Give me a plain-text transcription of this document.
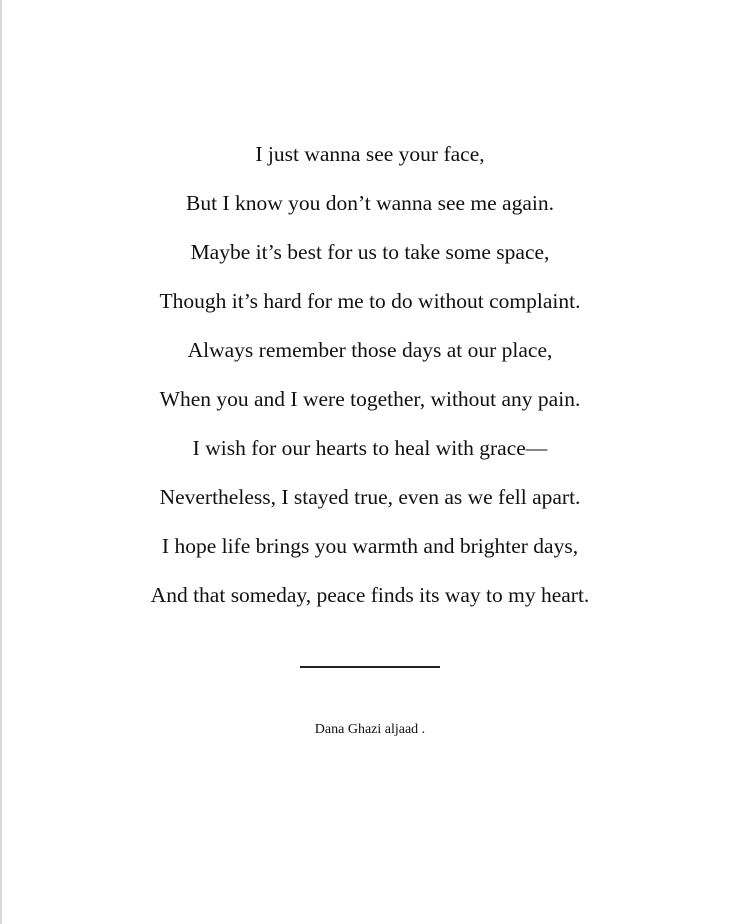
I just wanna see your face,
But I know you don’t wanna see me again.
Maybe it’s best for us to take some space,
Though it’s hard for me to do without complaint.
Always remember those days at our place,
When you and I were together, without any pain.
I wish for our hearts to heal with grace—
Nevertheless, I stayed true, even as we fell apart.
I hope life brings you warmth and brighter days,
And that someday, peace finds its way to my heart.
Dana Ghazi aljaad .
